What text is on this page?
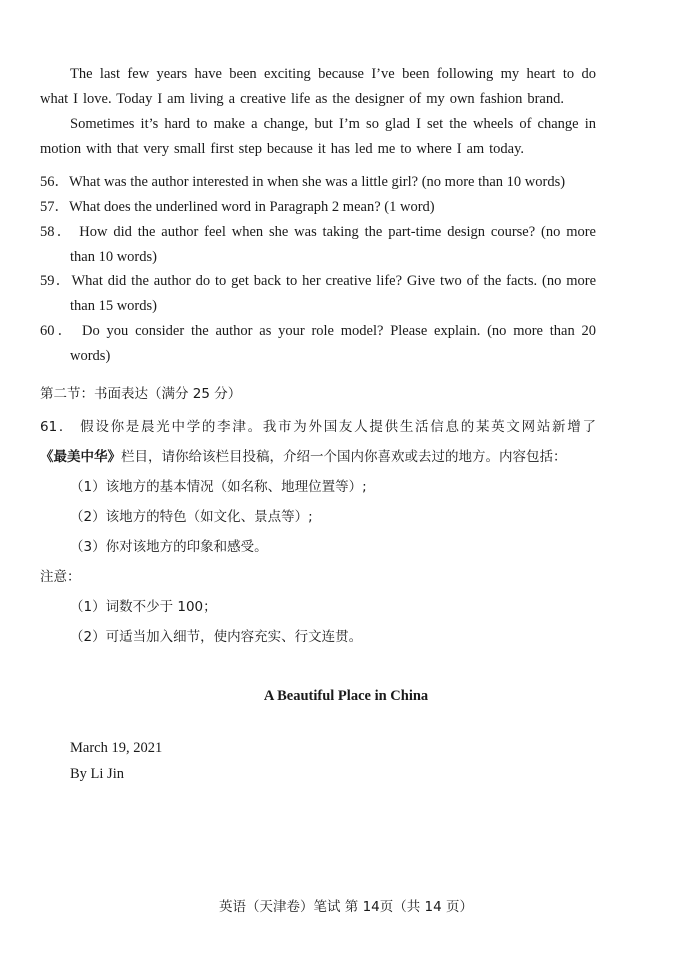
The last few years have been exciting because I’ve been following my heart to do
what I love. Today I am living a creative life as the designer of my own fashion brand.
Sometimes it’s hard to make a change, but I’m so glad I set the wheels of change in
motion with that very small first step because it has led me to where I am today.
56．What was the author interested in when she was a little girl? (no more than 10 words)
57．What does the underlined word in Paragraph 2 mean? (1 word)
58． How did the author feel when she was taking the part-time design course? (no more
than 10 words)
59．What did the author do to get back to her creative life? Give two of the facts. (no more
than 15 words)
60． Do you consider the author as your role model? Please explain. (no more than 20
words)
第二节：书面表达（满分 25 分）
61． 假设你是晨光中学的李津。我市为外国友人提供生活信息的某英文网站新增了
《最美中华》栏目，请你给该栏目投稿，介绍一个国内你喜欢或去过的地方。内容包括：
（1）该地方的基本情况（如名称、地理位置等）;
（2）该地方的特色（如文化、景点等）;
（3）你对该地方的印象和感受。
注意：
（1）词数不少于 100；
（2）可适当加入细节，使内容充实、行文连贯。
A Beautiful Place in China
March 19, 2021
By Li Jin
英语（天津卷）笔试 第 14页（共 14 页）
